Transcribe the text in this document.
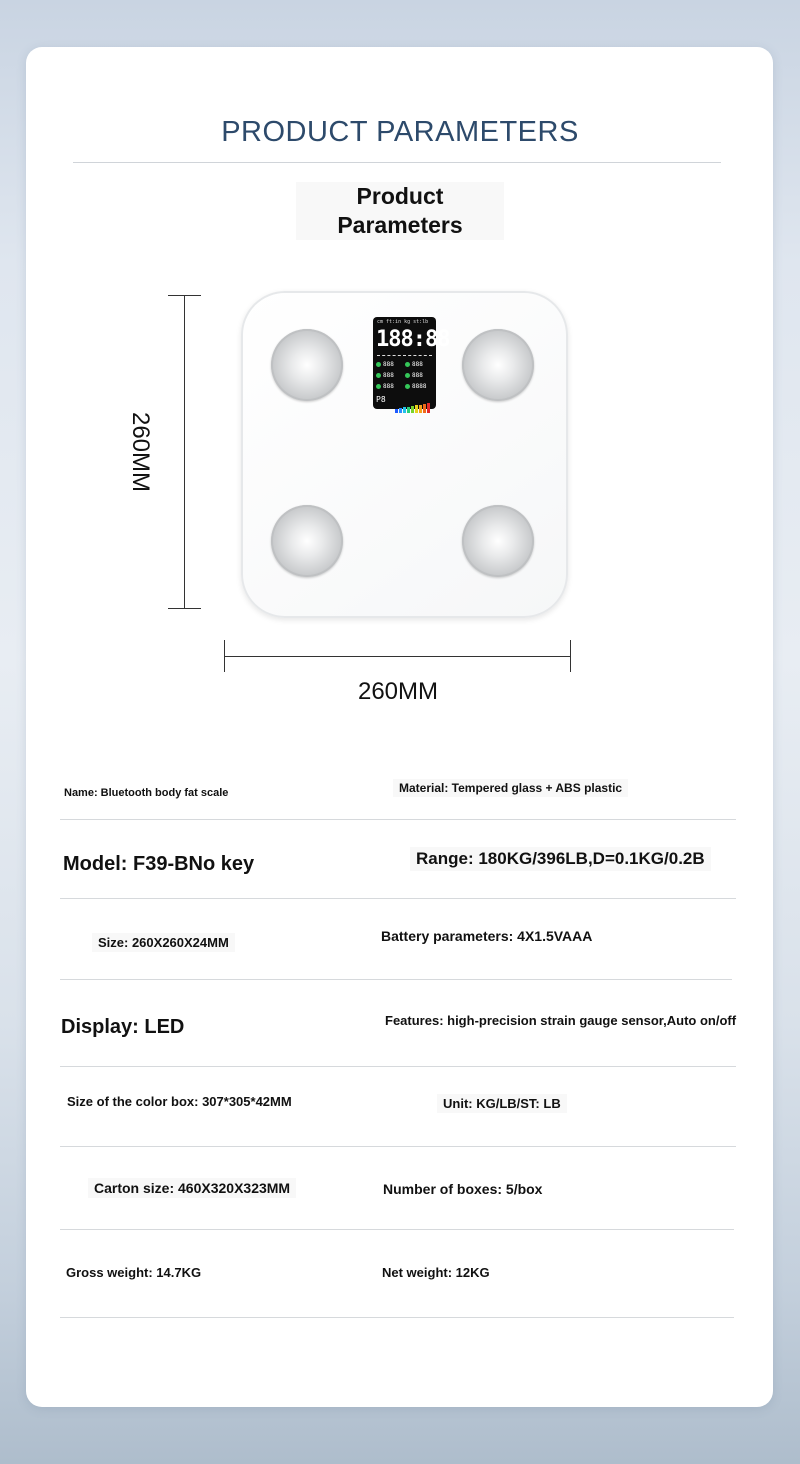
PRODUCT PARAMETERS
Product
Parameters
260MM
260MM
cm ft:in kg st:lb
188:88
888	888
888	888
888	8888
P8
Name: Bluetooth body fat scale	Material: Tempered glass + ABS plastic
Model: F39-BNo key	Range: 180KG/396LB,D=0.1KG/0.2B
Size: 260X260X24MM	Battery parameters: 4X1.5VAAA
Display: LED	Features: high-precision strain gauge sensor,Auto on/off
Size of the color box: 307*305*42MM	Unit: KG/LB/ST: LB
Carton size: 460X320X323MM	Number of boxes: 5/box
Gross weight: 14.7KG	Net weight: 12KG
